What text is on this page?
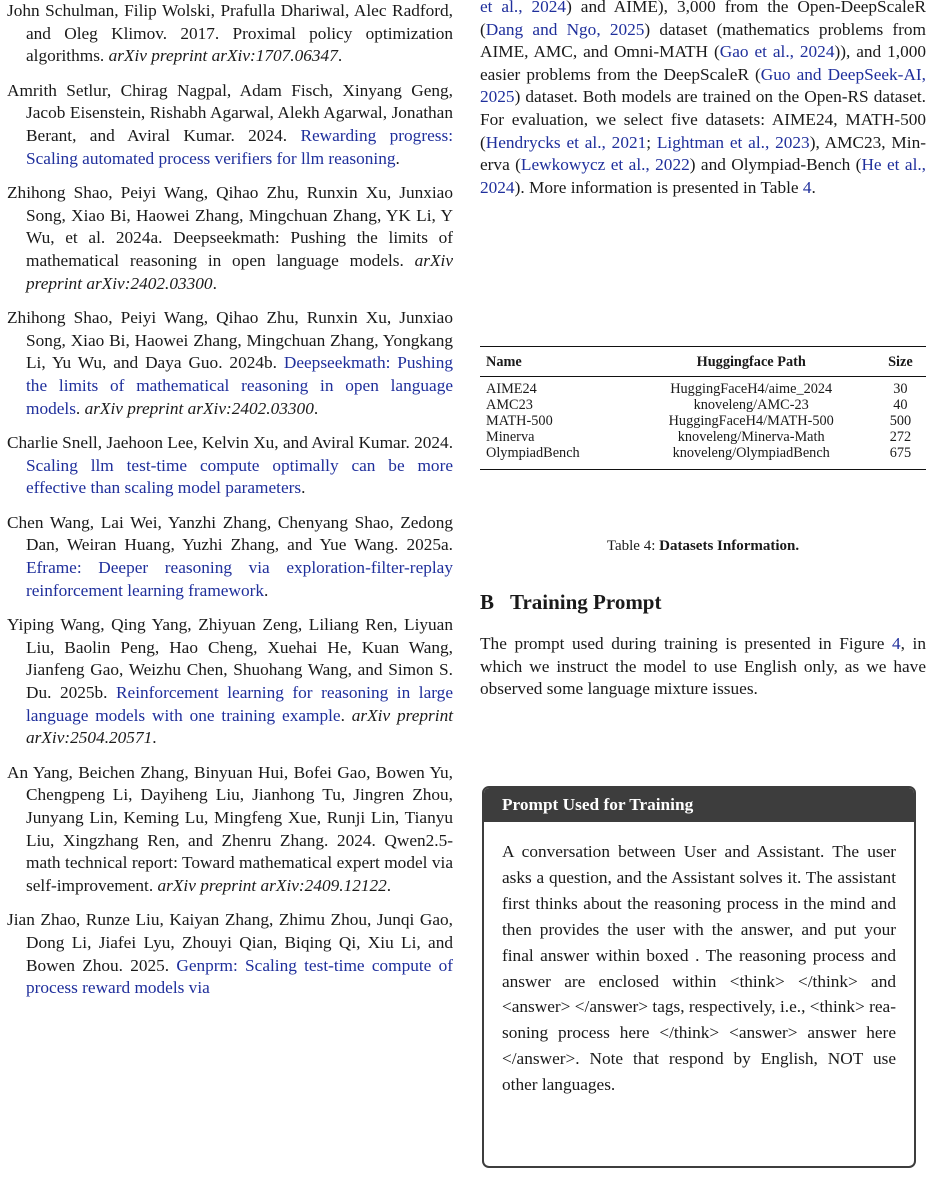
John Schulman, Filip Wolski, Prafulla Dhariwal, Alec Radford, and Oleg Klimov. 2017. Proximal policy optimization algorithms. arXiv preprint arXiv:1707.06347.

Amrith Setlur, Chirag Nagpal, Adam Fisch, Xinyang Geng, Jacob Eisenstein, Rishabh Agarwal, Alekh Agarwal, Jonathan Berant, and Aviral Kumar. 2024. Rewarding progress: Scaling automated process verifiers for llm reasoning.

Zhihong Shao, Peiyi Wang, Qihao Zhu, Runxin Xu, Junxiao Song, Xiao Bi, Haowei Zhang, Mingchuan Zhang, YK Li, Y Wu, et al. 2024a. Deepseekmath: Pushing the limits of mathematical reasoning in open language models. arXiv preprint arXiv:2402.03300.

Zhihong Shao, Peiyi Wang, Qihao Zhu, Runxin Xu, Junxiao Song, Xiao Bi, Haowei Zhang, Mingchuan Zhang, Yongkang Li, Yu Wu, and Daya Guo. 2024b. Deepseekmath: Pushing the limits of mathematical reasoning in open language models. arXiv preprint arXiv:2402.03300.

Charlie Snell, Jaehoon Lee, Kelvin Xu, and Aviral Kumar. 2024. Scaling llm test-time compute optimally can be more effective than scaling model parameters.

Chen Wang, Lai Wei, Yanzhi Zhang, Chenyang Shao, Zedong Dan, Weiran Huang, Yuzhi Zhang, and Yue Wang. 2025a. Eframe: Deeper reasoning via exploration-filter-replay reinforcement learning framework.

Yiping Wang, Qing Yang, Zhiyuan Zeng, Liliang Ren, Liyuan Liu, Baolin Peng, Hao Cheng, Xuehai He, Kuan Wang, Jianfeng Gao, Weizhu Chen, Shuohang Wang, and Simon S. Du. 2025b. Reinforcement learning for reasoning in large language models with one training example. arXiv preprint arXiv:2504.20571.

An Yang, Beichen Zhang, Binyuan Hui, Bofei Gao, Bowen Yu, Chengpeng Li, Dayiheng Liu, Jianhong Tu, Jingren Zhou, Junyang Lin, Keming Lu, Mingfeng Xue, Runji Lin, Tianyu Liu, Xingzhang Ren, and Zhenru Zhang. 2024. Qwen2.5-math technical report: Toward mathematical expert model via self-improvement. arXiv preprint arXiv:2409.12122.

Jian Zhao, Runze Liu, Kaiyan Zhang, Zhimu Zhou, Junqi Gao, Dong Li, Jiafei Lyu, Zhouyi Qian, Biqing Qi, Xiu Li, and Bowen Zhou. 2025. Genprm: Scaling test-time compute of process reward models via

et al., 2024) and AIME), 3,000 from the Open-DeepScaleR (Dang and Ngo, 2025) dataset (mathematics problems from AIME, AMC, and Omni-MATH (Gao et al., 2024)), and 1,000 easier problems from the DeepScaleR (Guo and DeepSeek-AI, 2025) dataset. Both models are trained on the Open-RS dataset. For evaluation, we select five datasets: AIME24, MATH-500 (Hendrycks et al., 2021; Lightman et al., 2023), AMC23, Minerva (Lewkowycz et al., 2022) and Olympiad-Bench (He et al., 2024). More information is presented in Table 4.

Name	Huggingface Path	Size

AIME24	HuggingFaceH4/aime_2024	30
AMC23	knoveleng/AMC-23	40
MATH-500	HuggingFaceH4/MATH-500	500
Minerva	knoveleng/Minerva-Math	272
OlympiadBench	knoveleng/OlympiadBench	675
Table 4: Datasets Information.
B Training Prompt

The prompt used during training is presented in Figure 4, in which we instruct the model to use English only, as we have observed some language mixture issues.

Prompt Used for Training
A conversation between User and Assistant. The user asks a question, and the Assistant solves it. The assistant first thinks about the reasoning process in the mind and then provides the user with the answer, and put your final answer within boxed . The reasoning process and answer are enclosed within <think> </think> and <answer> </answer> tags, respectively, i.e., <think> reasoning process here </think> <answer> answer here </answer>. Note that respond by English, NOT use other languages.
